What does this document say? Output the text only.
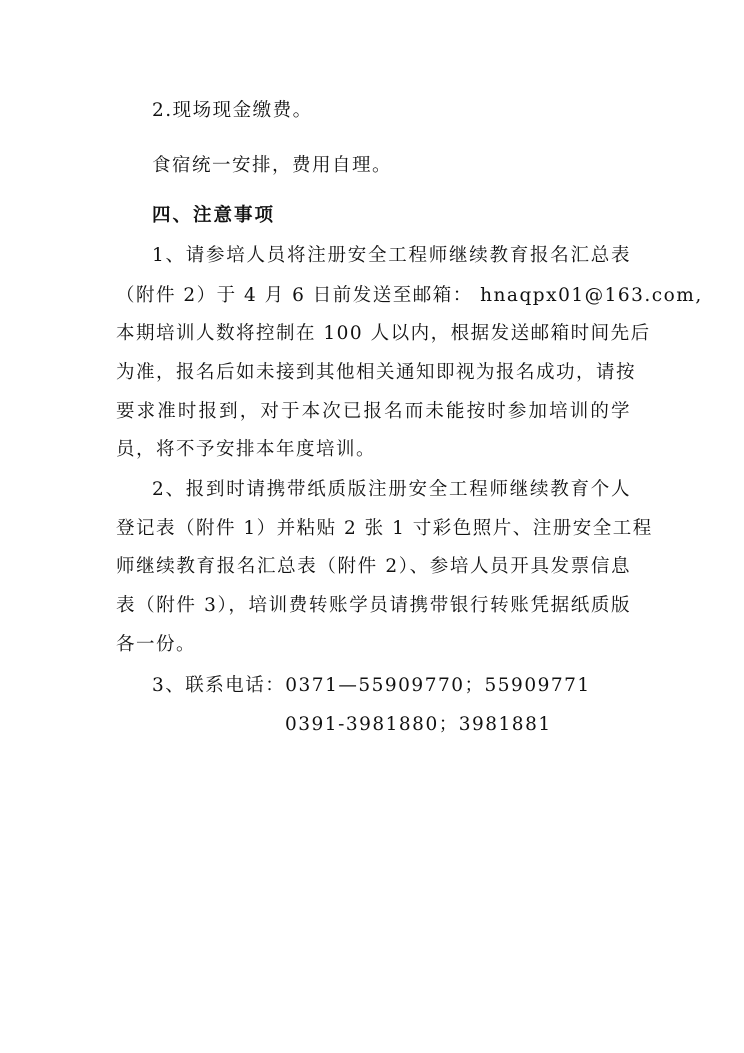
2.现场现金缴费。
食宿统一安排，费用自理。
四、注意事项
1、请参培人员将注册安全工程师继续教育报名汇总表
（附件 2）于 4 月 6 日前发送至邮箱： hnaqpx01@163.com,
本期培训人数将控制在 100 人以内，根据发送邮箱时间先后
为准，报名后如未接到其他相关通知即视为报名成功，请按
要求准时报到，对于本次已报名而未能按时参加培训的学
员，将不予安排本年度培训。
2、报到时请携带纸质版注册安全工程师继续教育个人
登记表（附件 1）并粘贴 2 张 1 寸彩色照片、注册安全工程
师继续教育报名汇总表（附件 2）、参培人员开具发票信息
表（附件 3），培训费转账学员请携带银行转账凭据纸质版
各一份。
3、联系电话：0371—55909770；55909771
0391-3981880；3981881
